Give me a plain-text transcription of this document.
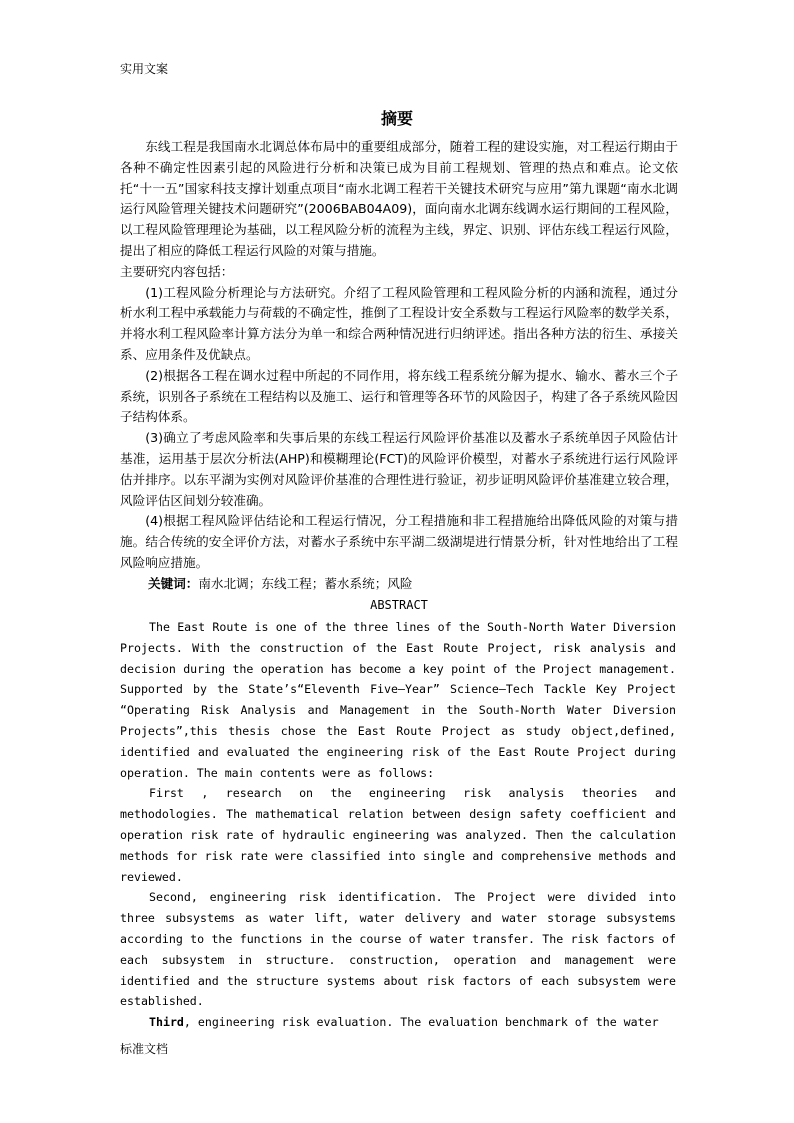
实用文案
摘要

东线工程是我国南水北调总体布局中的重要组成部分，随着工程的建设实施，对工程运行期由于各种不确定性因素引起的风险进行分析和决策已成为目前工程规划、管理的热点和难点。论文依托“十一五”国家科技支撑计划重点项目“南水北调工程若干关键技术研究与应用”第九课题“南水北调运行风险管理关键技术问题研究”(2006BAB04A09)，面向南水北调东线调水运行期间的工程风险，以工程风险管理理论为基础，以工程风险分析的流程为主线，界定、识别、评估东线工程运行风险，提出了相应的降低工程运行风险的对策与措施。

主要研究内容包括：

(1)工程风险分析理论与方法研究。介绍了工程风险管理和工程风险分析的内涵和流程，通过分析水利工程中承载能力与荷载的不确定性，推倒了工程设计安全系数与工程运行风险率的数学关系，并将水利工程风险率计算方法分为单一和综合两种情况进行归纳评述。指出各种方法的衍生、承接关系、应用条件及优缺点。

(2)根据各工程在调水过程中所起的不同作用，将东线工程系统分解为提水、输水、蓄水三个子系统，识别各子系统在工程结构以及施工、运行和管理等各环节的风险因子，构建了各子系统风险因子结构体系。

(3)确立了考虑风险率和失事后果的东线工程运行风险评价基准以及蓄水子系统单因子风险估计基准，运用基于层次分析法(AHP)和模糊理论(FCT)的风险评价模型，对蓄水子系统进行运行风险评估并排序。以东平湖为实例对风险评价基准的合理性进行验证，初步证明风险评价基准建立较合理，风险评估区间划分较准确。

(4)根据工程风险评估结论和工程运行情况，分工程措施和非工程措施给出降低风险的对策与措施。结合传统的安全评价方法，对蓄水子系统中东平湖二级湖堤进行情景分析，针对性地给出了工程风险响应措施。

关键词：南水北调；东线工程；蓄水系统；风险

ABSTRACT

The East Route is one of the three lines of the South-North Water Diversion Projects. With the construction of the East Route Project, risk analysis and decision during the operation has become a key point of the Project management. Supported by the State’s“Eleventh Five—Year” Science—Tech Tackle Key Project “Operating Risk Analysis and Management in the South-North Water Diversion Projects”,this thesis chose the East Route Project as study object,defined, identified and evaluated the engineering risk of the East Route Project during operation. The main contents were as follows:

First , research on the engineering risk analysis theories and methodologies. The mathematical relation between design safety coefficient and operation risk rate of hydraulic engineering was analyzed. Then the calculation methods for risk rate were classified into single and comprehensive methods and reviewed.

Second, engineering risk identification. The Project were divided into three subsystems as water lift, water delivery and water storage subsystems according to the functions in the course of water transfer. The risk factors of each subsystem in structure. construction, operation and management were identified and the structure systems about risk factors of each subsystem were established.

Third, engineering risk evaluation. The evaluation benchmark of the water

标准文档
